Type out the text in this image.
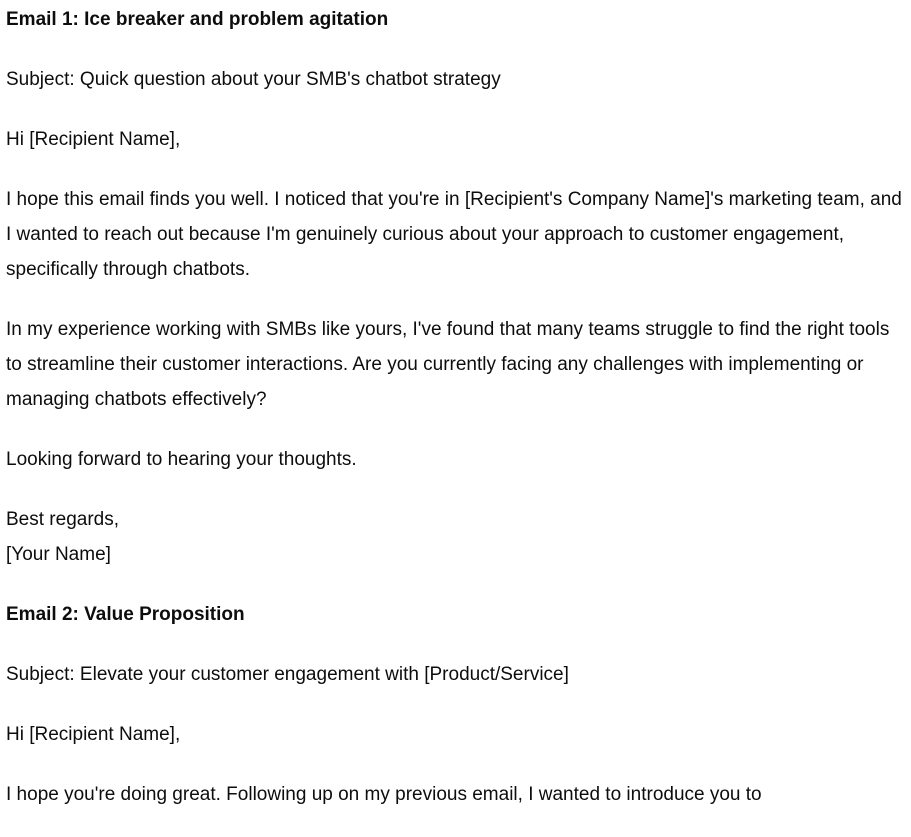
Email 1: Ice breaker and problem agitation
Subject: Quick question about your SMB's chatbot strategy
Hi [Recipient Name],
I hope this email finds you well. I noticed that you're in [Recipient's Company Name]'s marketing team, and I wanted to reach out because I'm genuinely curious about your approach to customer engagement, specifically through chatbots.
In my experience working with SMBs like yours, I've found that many teams struggle to find the right tools to streamline their customer interactions. Are you currently facing any challenges with implementing or managing chatbots effectively?
Looking forward to hearing your thoughts.
Best regards,
[Your Name]
Email 2: Value Proposition
Subject: Elevate your customer engagement with [Product/Service]
Hi [Recipient Name],
I hope you're doing great. Following up on my previous email, I wanted to introduce you to
